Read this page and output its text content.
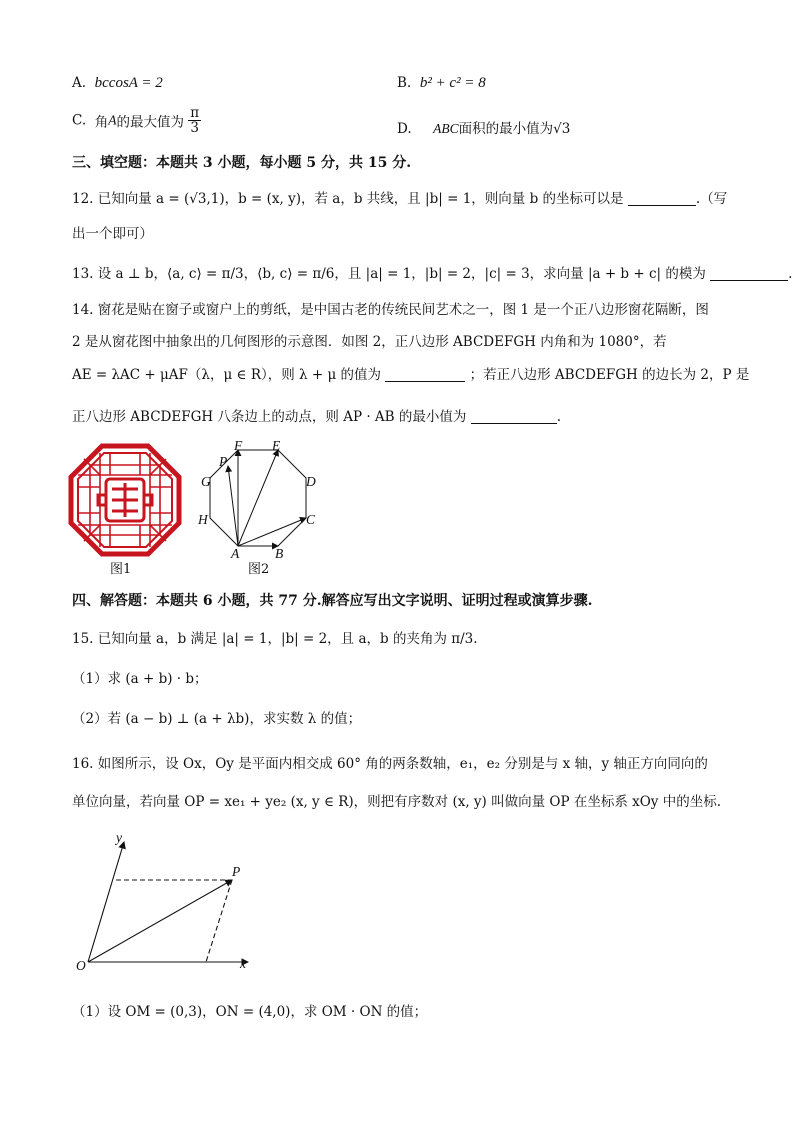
A. bccosA = 2	B. b² + c² = 8
C. 角A的最大值为 $\frac{\pi}{3}$	D. ABC面积的最小值为√3
三、填空题：本题共 3 小题，每小题 5 分，共 15 分.
12. 已知向量 a = (√3,1)，b = (x, y)，若 a，b 共线，且 |b| = 1，则向量 b 的坐标可以是	.（写
出一个即可）
13. 设 a ⊥ b，⟨a, c⟩ = π/3，⟨b, c⟩ = π/6，且 |a| = 1，|b| = 2，|c| = 3，求向量 |a + b + c| 的模为	.
14. 窗花是贴在窗子或窗户上的剪纸，是中国古老的传统民间艺术之一，图 1 是一个正八边形窗花隔断，图
2 是从窗花图中抽象出的几何图形的示意图．如图 2，正八边形 ABCDEFGH 内角和为 1080°，若
AE = λAC + μAF（λ，μ ∈ R），则 λ + μ 的值为	；若正八边形 ABCDEFGH 的边长为 2，P 是
正八边形 ABCDEFGH 八条边上的动点，则 AP · AB 的最小值为	.
图1
F E
P
G	D
H	C
A	B
图2
四、解答题：本题共 6 小题，共 77 分.解答应写出文字说明、证明过程或演算步骤.
15. 已知向量 a，b 满足 |a| = 1，|b| = 2，且 a，b 的夹角为 π/3.
（1）求 (a + b) · b；
（2）若 (a − b) ⊥ (a + λb)，求实数 λ 的值；
16. 如图所示，设 Ox，Oy 是平面内相交成 60° 角的两条数轴，e₁，e₂ 分别是与 x 轴，y 轴正方向同向的
单位向量，若向量 OP = xe₁ + ye₂ (x, y ∈ R)，则把有序数对 (x, y) 叫做向量 OP 在坐标系 xOy 中的坐标.
y
P
O	x
（1）设 OM = (0,3)，ON = (4,0)，求 OM · ON 的值；
